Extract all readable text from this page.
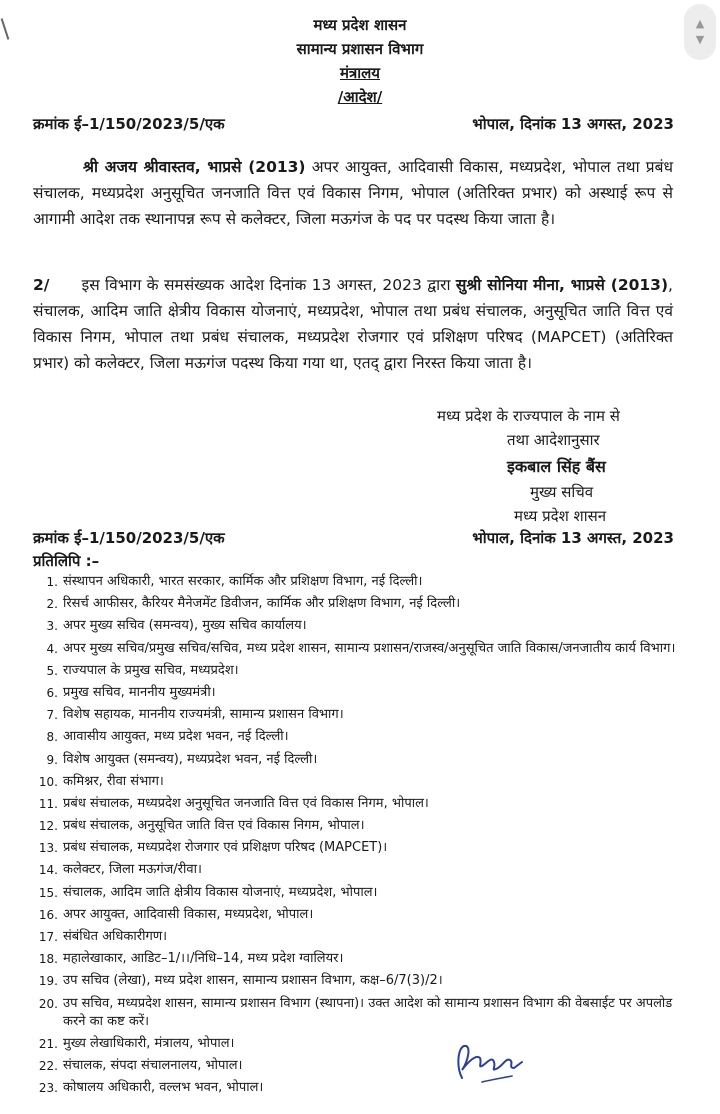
▲
▼
मध्य प्रदेश शासन
सामान्य प्रशासन विभाग
मंत्रालय
/आदेश/
क्रमांक ई–1/150/2023/5/एक	भोपाल, दिनांक 13 अगस्त, 2023
श्री अजय श्रीवास्तव, भाप्रसे (2013) अपर आयुक्त, आदिवासी विकास, मध्यप्रदेश, भोपाल तथा प्रबंध संचालक, मध्यप्रदेश अनुसूचित जनजाति वित्त एवं विकास निगम, भोपाल (अतिरिक्त प्रभार) को अस्थाई रूप से आगामी आदेश तक स्थानापन्न रूप से कलेक्टर, जिला मऊगंज के पद पर पदस्थ किया जाता है।
2/ इस विभाग के समसंख्यक आदेश दिनांक 13 अगस्त, 2023 द्वारा सुश्री सोनिया मीना, भाप्रसे (2013), संचालक, आदिम जाति क्षेत्रीय विकास योजनाएं, मध्यप्रदेश, भोपाल तथा प्रबंध संचालक, अनुसूचित जाति वित्त एवं विकास निगम, भोपाल तथा प्रबंध संचालक, मध्यप्रदेश रोजगार एवं प्रशिक्षण परिषद (MAPCET) (अतिरिक्त प्रभार) को कलेक्टर, जिला मऊगंज पदस्थ किया गया था, एतद् द्वारा निरस्त किया जाता है।
मध्य प्रदेश के राज्यपाल के नाम से
तथा आदेशानुसार
इकबाल सिंह बैंस
मुख्य सचिव
मध्य प्रदेश शासन
क्रमांक ई–1/150/2023/5/एक	भोपाल, दिनांक 13 अगस्त, 2023
प्रतिलिपि :–
1. संस्थापन अधिकारी, भारत सरकार, कार्मिक और प्रशिक्षण विभाग, नई दिल्ली।
2. रिसर्च आफीसर, कैरियर मैनेजमेंट डिवीजन, कार्मिक और प्रशिक्षण विभाग, नई दिल्ली।
3. अपर मुख्य सचिव (समन्वय), मुख्य सचिव कार्यालय।
4. अपर मुख्य सचिव/प्रमुख सचिव/सचिव, मध्य प्रदेश शासन, सामान्य प्रशासन/राजस्व/अनुसूचित जाति विकास/जनजातीय कार्य विभाग।
5. राज्यपाल के प्रमुख सचिव, मध्यप्रदेश।
6. प्रमुख सचिव, माननीय मुख्यमंत्री।
7. विशेष सहायक, माननीय राज्यमंत्री, सामान्य प्रशासन विभाग।
8. आवासीय आयुक्त, मध्य प्रदेश भवन, नई दिल्ली।
9. विशेष आयुक्त (समन्वय), मध्यप्रदेश भवन, नई दिल्ली।
10. कमिश्नर, रीवा संभाग।
11. प्रबंध संचालक, मध्यप्रदेश अनुसूचित जनजाति वित्त एवं विकास निगम, भोपाल।
12. प्रबंध संचालक, अनुसूचित जाति वित्त एवं विकास निगम, भोपाल।
13. प्रबंध संचालक, मध्यप्रदेश रोजगार एवं प्रशिक्षण परिषद (MAPCET)।
14. कलेक्टर, जिला मऊगंज/रीवा।
15. संचालक, आदिम जाति क्षेत्रीय विकास योजनाएं, मध्यप्रदेश, भोपाल।
16. अपर आयुक्त, आदिवासी विकास, मध्यप्रदेश, भोपाल।
17. संबंधित अधिकारीगण।
18. महालेखाकार, आडिट–1/।।/निधि–14, मध्य प्रदेश ग्वालियर।
19. उप सचिव (लेखा), मध्य प्रदेश शासन, सामान्य प्रशासन विभाग, कक्ष–6/7(3)/2।
20. उप सचिव, मध्यप्रदेश शासन, सामान्य प्रशासन विभाग (स्थापना)। उक्त आदेश को सामान्य प्रशासन विभाग की वेबसाईट पर अपलोड करने का कष्ट करें।
21. मुख्य लेखाधिकारी, मंत्रालय, भोपाल।
22. संचालक, संपदा संचालनालय, भोपाल।
23. कोषालय अधिकारी, वल्लभ भवन, भोपाल।
